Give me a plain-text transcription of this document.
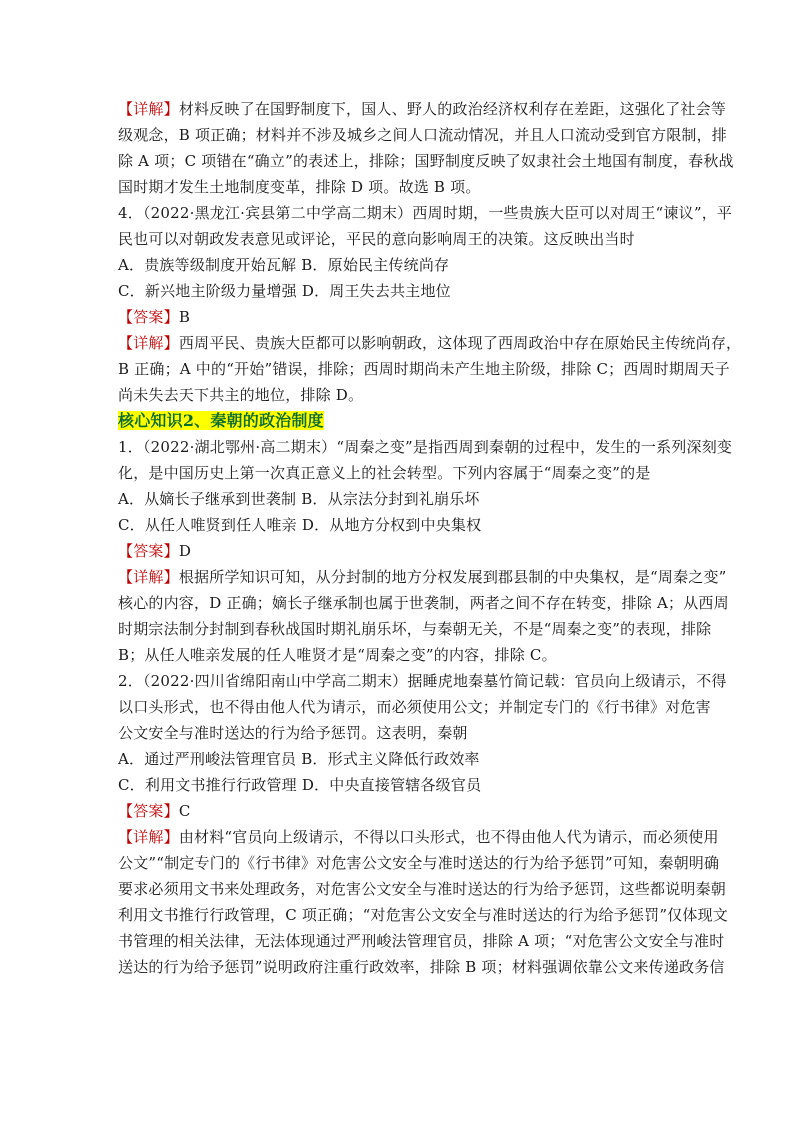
【详解】材料反映了在国野制度下，国人、野人的政治经济权利存在差距，这强化了社会等
级观念，B 项正确；材料并不涉及城乡之间人口流动情况，并且人口流动受到官方限制，排
除 A 项；C 项错在“确立”的表述上，排除；国野制度反映了奴隶社会土地国有制度，春秋战
国时期才发生土地制度变革，排除 D 项。故选 B 项。
4．（2022·黑龙江·宾县第二中学高二期末）西周时期，一些贵族大臣可以对周王“谏议”，平
民也可以对朝政发表意见或评论，平民的意向影响周王的决策。这反映出当时
A．贵族等级制度开始瓦解 B．原始民主传统尚存
C．新兴地主阶级力量增强 D．周王失去共主地位
【答案】B
【详解】西周平民、贵族大臣都可以影响朝政，这体现了西周政治中存在原始民主传统尚存，
B 正确；A 中的“开始”错误，排除；西周时期尚未产生地主阶级，排除 C；西周时期周天子
尚未失去天下共主的地位，排除 D。
核心知识2、秦朝的政治制度
1．（2022·湖北鄂州·高二期末）“周秦之变”是指西周到秦朝的过程中，发生的一系列深刻变
化，是中国历史上第一次真正意义上的社会转型。下列内容属于“周秦之变”的是
A．从嫡长子继承到世袭制 B．从宗法分封到礼崩乐坏
C．从任人唯贤到任人唯亲 D．从地方分权到中央集权
【答案】D
【详解】根据所学知识可知，从分封制的地方分权发展到郡县制的中央集权，是“周秦之变”
核心的内容，D 正确；嫡长子继承制也属于世袭制，两者之间不存在转变，排除 A；从西周
时期宗法制分封制到春秋战国时期礼崩乐坏，与秦朝无关，不是“周秦之变”的表现，排除
B；从任人唯亲发展的任人唯贤才是“周秦之变”的内容，排除 C。
2．（2022·四川省绵阳南山中学高二期末）据睡虎地秦墓竹简记载：官员向上级请示，不得
以口头形式，也不得由他人代为请示，而必须使用公文；并制定专门的《行书律》对危害
公文安全与准时送达的行为给予惩罚。这表明，秦朝
A．通过严刑峻法管理官员 B．形式主义降低行政效率
C．利用文书推行行政管理 D．中央直接管辖各级官员
【答案】C
【详解】由材料“官员向上级请示，不得以口头形式，也不得由他人代为请示，而必须使用
公文”“制定专门的《行书律》对危害公文安全与准时送达的行为给予惩罚”可知，秦朝明确
要求必须用文书来处理政务，对危害公文安全与准时送达的行为给予惩罚，这些都说明秦朝
利用文书推行行政管理，C 项正确；“对危害公文安全与准时送达的行为给予惩罚”仅体现文
书管理的相关法律，无法体现通过严刑峻法管理官员，排除 A 项；“对危害公文安全与准时
送达的行为给予惩罚”说明政府注重行政效率，排除 B 项；材料强调依靠公文来传递政务信
